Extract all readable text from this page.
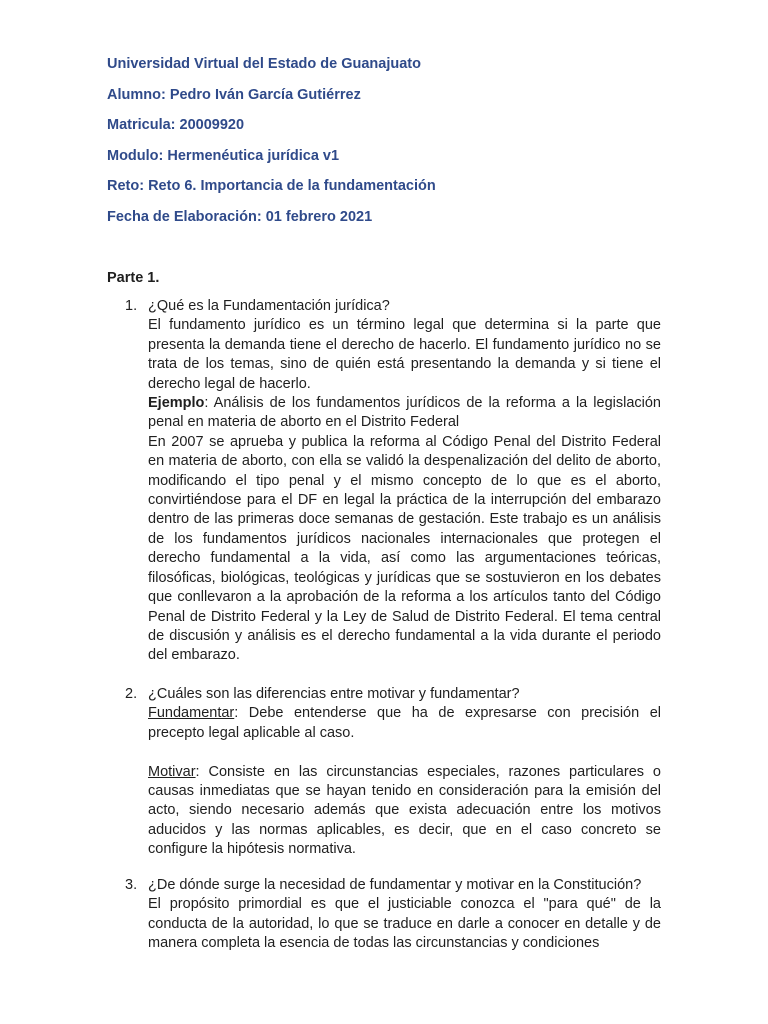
Universidad Virtual del Estado de Guanajuato
Alumno: Pedro Iván García Gutiérrez
Matricula: 20009920
Modulo: Hermenéutica jurídica v1
Reto: Reto 6. Importancia de la fundamentación
Fecha de Elaboración: 01 febrero 2021
Parte 1.
1. ¿Qué es la Fundamentación jurídica?
El fundamento jurídico es un término legal que determina si la parte que presenta la demanda tiene el derecho de hacerlo. El fundamento jurídico no se trata de los temas, sino de quién está presentando la demanda y si tiene el derecho legal de hacerlo.
Ejemplo: Análisis de los fundamentos jurídicos de la reforma a la legislación penal en materia de aborto en el Distrito Federal
En 2007 se aprueba y publica la reforma al Código Penal del Distrito Federal en materia de aborto, con ella se validó la despenalización del delito de aborto, modificando el tipo penal y el mismo concepto de lo que es el aborto, convirtiéndose para el DF en legal la práctica de la interrupción del embarazo dentro de las primeras doce semanas de gestación. Este trabajo es un análisis de los fundamentos jurídicos nacionales internacionales que protegen el derecho fundamental a la vida, así como las argumentaciones teóricas, filosóficas, biológicas, teológicas y jurídicas que se sostuvieron en los debates que conllevaron a la aprobación de la reforma a los artículos tanto del Código Penal de Distrito Federal y la Ley de Salud de Distrito Federal. El tema central de discusión y análisis es el derecho fundamental a la vida durante el periodo del embarazo.
2. ¿Cuáles son las diferencias entre motivar y fundamentar?
Fundamentar: Debe entenderse que ha de expresarse con precisión el precepto legal aplicable al caso.
Motivar: Consiste en las circunstancias especiales, razones particulares o causas inmediatas que se hayan tenido en consideración para la emisión del acto, siendo necesario además que exista adecuación entre los motivos aducidos y las normas aplicables, es decir, que en el caso concreto se configure la hipótesis normativa.
3. ¿De dónde surge la necesidad de fundamentar y motivar en la Constitución?
El propósito primordial es que el justiciable conozca el "para qué" de la conducta de la autoridad, lo que se traduce en darle a conocer en detalle y de manera completa la esencia de todas las circunstancias y condiciones
